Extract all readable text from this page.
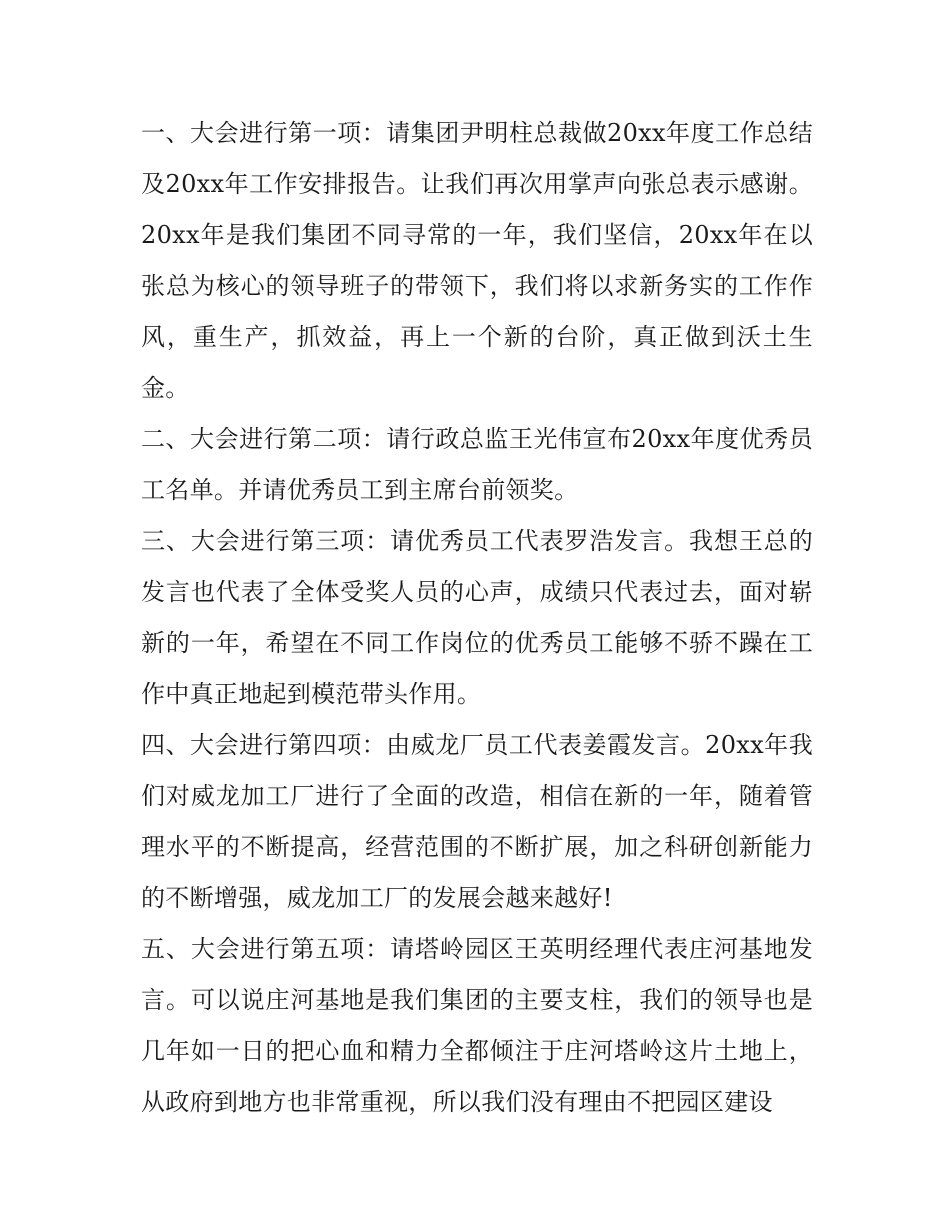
一、大会进行第一项：请集团尹明柱总裁做20xx年度工作总结及20xx年工作安排报告。让我们再次用掌声向张总表示感谢。20xx年是我们集团不同寻常的一年，我们坚信，20xx年在以张总为核心的领导班子的带领下，我们将以求新务实的工作作风，重生产，抓效益，再上一个新的台阶，真正做到沃土生金。

二、大会进行第二项：请行政总监王光伟宣布20xx年度优秀员工名单。并请优秀员工到主席台前领奖。

三、大会进行第三项：请优秀员工代表罗浩发言。我想王总的发言也代表了全体受奖人员的心声，成绩只代表过去，面对崭新的一年，希望在不同工作岗位的优秀员工能够不骄不躁在工作中真正地起到模范带头作用。

四、大会进行第四项：由威龙厂员工代表姜霞发言。20xx年我们对威龙加工厂进行了全面的改造，相信在新的一年，随着管理水平的不断提高，经营范围的不断扩展，加之科研创新能力的不断增强，威龙加工厂的发展会越来越好!

五、大会进行第五项：请塔岭园区王英明经理代表庄河基地发言。可以说庄河基地是我们集团的主要支柱，我们的领导也是几年如一日的把心血和精力全都倾注于庄河塔岭这片土地上，从政府到地方也非常重视，所以我们没有理由不把园区建设
